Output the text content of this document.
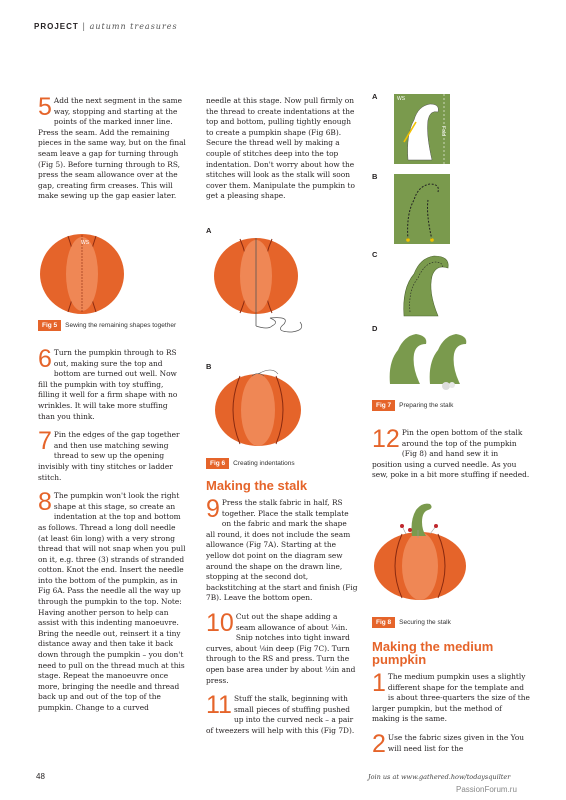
PROJECT | autumn treasures

5 Add the next segment in the same way, stopping and starting at the points of the marked inner line. Press the seam. Add the remaining pieces in the same way, but on the final seam leave a gap for turning through (Fig 5). Before turning through to RS, press the seam allowance over at the gap, creating firm creases. This will make sewing up the gap easier later.

WS
Fig 5 Sewing the remaining shapes together

6 Turn the pumpkin through to RS out, making sure the top and bottom are turned out well. Now fill the pumpkin with toy stuffing, filling it well for a firm shape with no wrinkles. It will take more stuffing than you think.

7 Pin the edges of the gap together and then use matching sewing thread to sew up the opening invisibly with tiny stitches or ladder stitch.

8 The pumpkin won't look the right shape at this stage, so create an indentation at the top and bottom as follows. Thread a long doll needle (at least 6in long) with a very strong thread that will not snap when you pull on it, e.g. three (3) strands of stranded cotton. Knot the end. Insert the needle into the bottom of the pumpkin, as in Fig 6A. Pass the needle all the way up through the pumpkin to the top. Note: Having another person to help can assist with this indenting manoeuvre. Bring the needle out, reinsert it a tiny distance away and then take it back down through the pumpkin – you don't need to pull on the thread much at this stage. Repeat the manoeuvre once more, bringing the needle and thread back up and out of the top of the pumpkin. Change to a curved

needle at this stage. Now pull firmly on the thread to create indentations at the top and bottom, pulling tightly enough to create a pumpkin shape (Fig 6B). Secure the thread well by making a couple of stitches deep into the top indentation. Don't worry about how the stitches will look as the stalk will soon cover them. Manipulate the pumpkin to get a pleasing shape.

A
B
Fig 6 Creating indentations
Making the stalk

9 Press the stalk fabric in half, RS together. Place the stalk template on the fabric and mark the shape all round, it does not include the seam allowance (Fig 7A). Starting at the yellow dot point on the diagram sew around the shape on the drawn line, stopping at the second dot, backstitching at the start and finish (Fig 7B). Leave the bottom open.

10 Cut out the shape adding a seam allowance of about ¼in. Snip notches into tight inward curves, about ⅛in deep (Fig 7C). Turn through to the RS and press. Turn the open base area under by about ⅓in and press.

11 Stuff the stalk, beginning with small pieces of stuffing pushed up into the curved neck – a pair of tweezers will help with this (Fig 7D).

A	WS
Fold
B
C
D
Fig 7 Preparing the stalk

12 Pin the open bottom of the stalk around the top of the pumpkin (Fig 8) and hand sew it in position using a curved needle. As you sew, poke in a bit more stuffing if needed.

Fig 8 Securing the stalk
Making the medium pumpkin

1 The medium pumpkin uses a slightly different shape for the template and is about three-quarters the size of the larger pumpkin, but the method of making is the same.

2 Use the fabric sizes given in the You will need list for the

48	Join us at www.gathered.how/todaysquilter
PassionForum.ru
